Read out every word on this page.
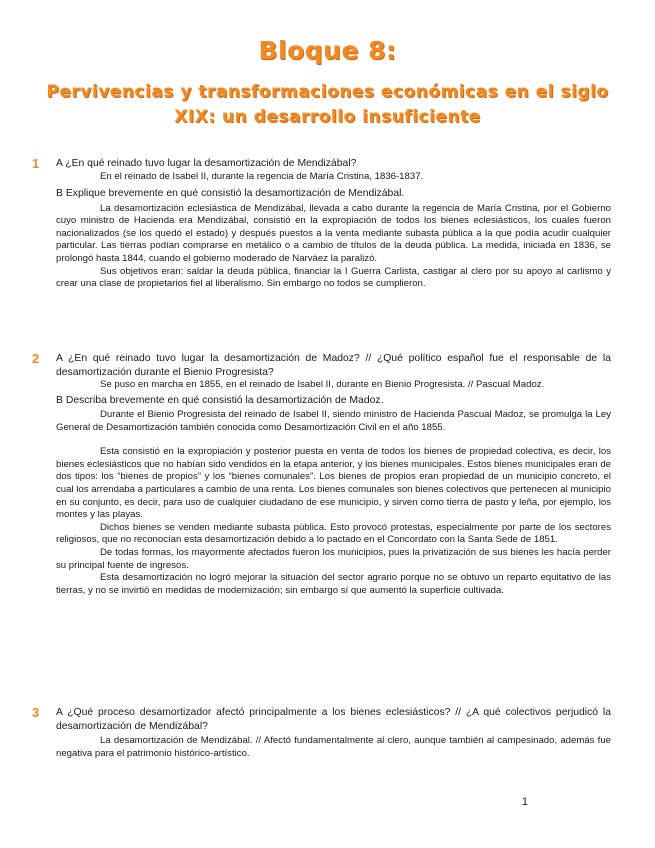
Bloque 8:
Pervivencias y transformaciones económicas en el siglo XIX: un desarrollo insuficiente
1 A ¿En qué reinado tuvo lugar la desamortización de Mendizábal?

En el reinado de Isabel II, durante la regencia de María Cristina, 1836-1837.

B Explique brevemente en qué consistió la desamortización de Mendizábal.

La desamortización eclesiástica de Mendizábal, llevada a cabo durante la regencia de María Cristina, por el Gobierno cuyo ministro de Hacienda era Mendizábal, consistió en la expropiación de todos los bienes eclesiásticos, los cuales fueron nacionalizados (se los quedó el estado) y después puestos a la venta mediante subasta pública a la que podía acudir cualquier particular. Las tierras podían comprarse en metálico o a cambio de títulos de la deuda pública. La medida, iniciada en 1836, se prolongó hasta 1844, cuando el gobierno moderado de Narváez la paralizó.

Sus objetivos eran: saldar la deuda pública, financiar la I Guerra Carlista, castigar al clero por su apoyo al carlismo y crear una clase de propietarios fiel al liberalismo. Sin embargo no todos se cumplieron.

2 A ¿En qué reinado tuvo lugar la desamortización de Madoz? // ¿Qué político español fue el responsable de la desamortización durante el Bienio Progresista?

Se puso en marcha en 1855, en el reinado de Isabel II, durante en Bienio Progresista. // Pascual Madoz.

B Describa brevemente en qué consistió la desamortización de Madoz.

Durante el Bienio Progresista del reinado de Isabel II, siendo ministro de Hacienda Pascual Madoz, se promulga la Ley General de Desamortización también conocida como Desamortización Civil en el año 1855.

Esta consistió en la expropiación y posterior puesta en venta de todos los bienes de propiedad colectiva, es decir, los bienes eclesiásticos que no habían sido vendidos en la etapa anterior, y los bienes municipales. Estos bienes municipales eran de dos tipos: los “bienes de propios” y los “bienes comunales”. Los bienes de propios eran propiedad de un municipio concreto, el cual los arrendaba a particulares a cambio de una renta. Los bienes comunales son bienes colectivos que pertenecen al municipio en su conjunto, es decir, para uso de cualquier ciudadano de ese municipio, y sirven como tierra de pasto y leña, por ejemplo, los montes y las playas.

Dichos bienes se venden mediante subasta pública. Esto provocó protestas, especialmente por parte de los sectores religiosos, que no reconocían esta desamortización debido a lo pactado en el Concordato con la Santa Sede de 1851.

De todas formas, los mayormente afectados fueron los municipios, pues la privatización de sus bienes les hacía perder su principal fuente de ingresos.

Esta desamortización no logró mejorar la situación del sector agrario porque no se obtuvo un reparto equitativo de las tierras, y no se invirtió en medidas de modernización; sin embargo sí que aumentó la superficie cultivada.

3 A ¿Qué proceso desamortizador afectó principalmente a los bienes eclesiásticos? // ¿A qué colectivos perjudicó la desamortización de Mendizábal?

La desamortización de Mendizábal. // Afectó fundamentalmente al clero, aunque también al campesinado, además fue negativa para el patrimonio histórico-artístico.

1
